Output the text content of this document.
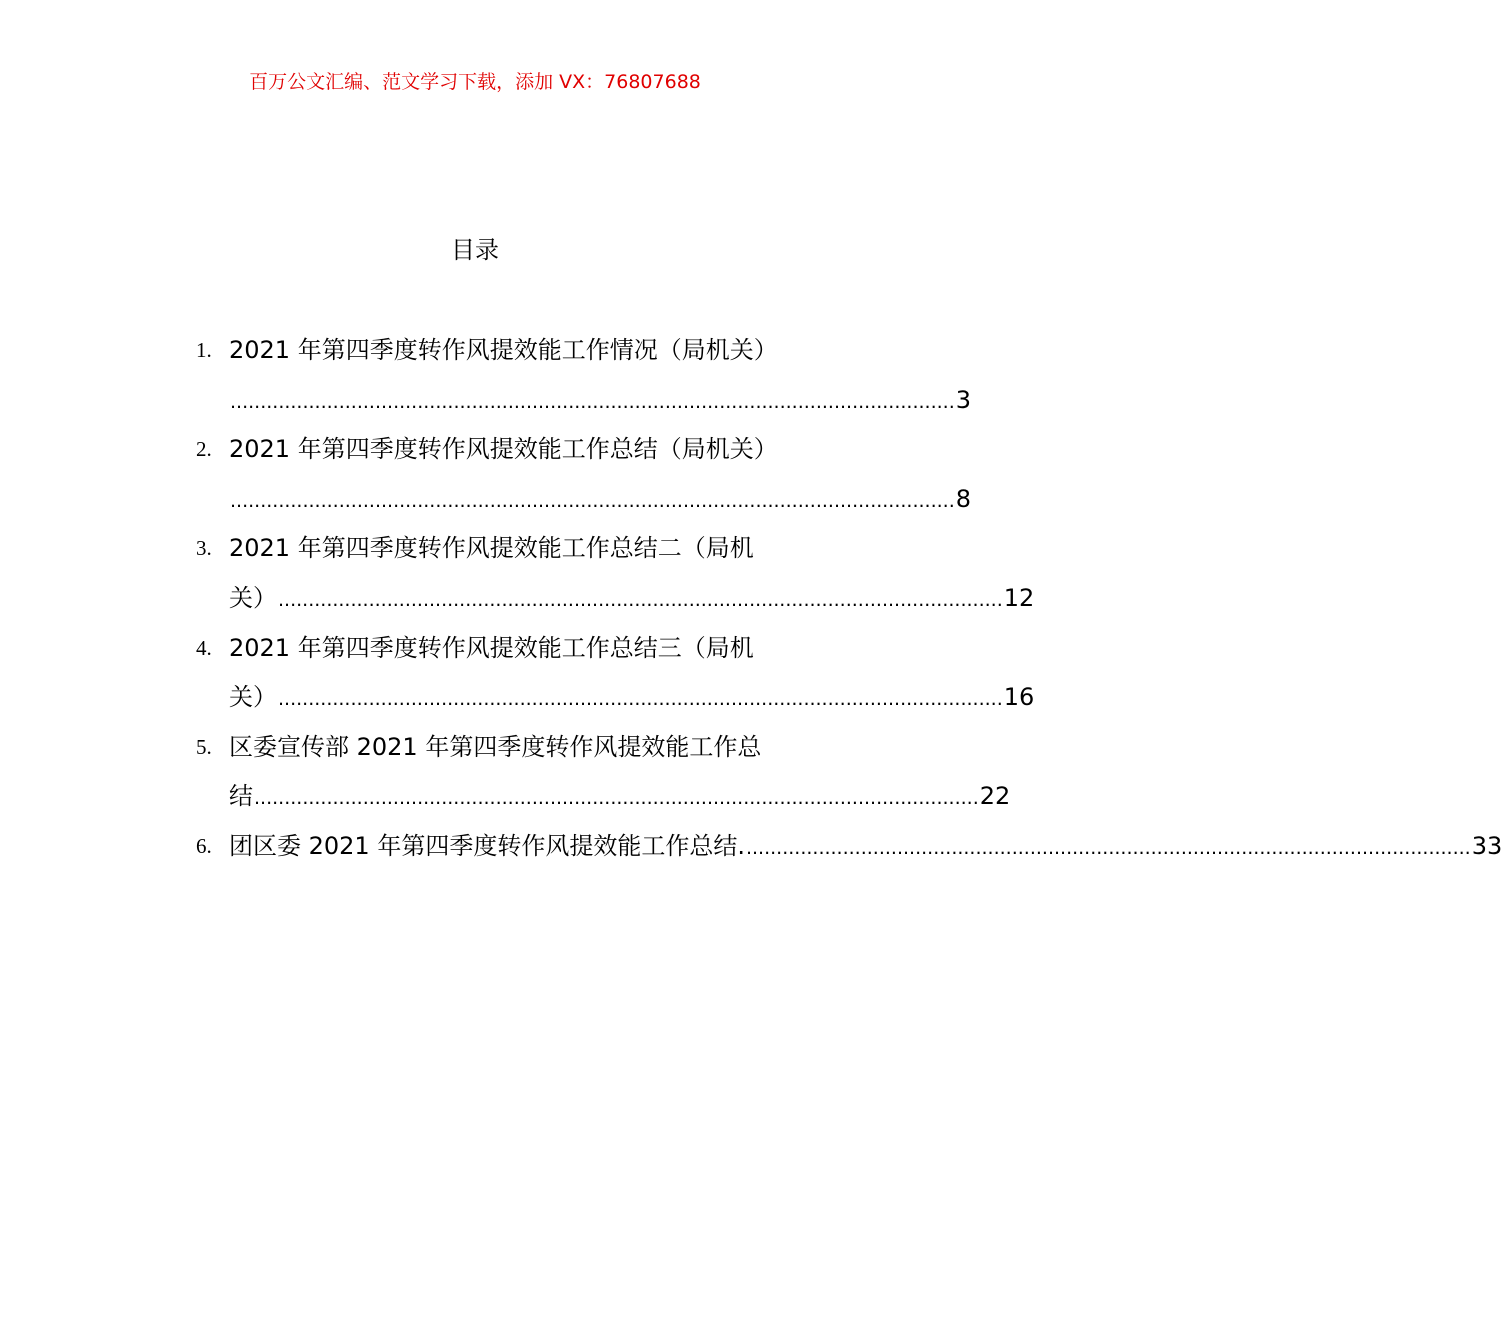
百万公文汇编、范文学习下载，添加 VX：76807688
目录
1. 2021 年第四季度转作风提效能工作情况（局机关）
........................................................................................................................ 3
2. 2021 年第四季度转作风提效能工作总结（局机关）
........................................................................................................................ 8
3. 2021 年第四季度转作风提效能工作总结二（局机
关） ........................................................................................................................ 12
4. 2021 年第四季度转作风提效能工作总结三（局机
关） ........................................................................................................................ 16
5. 区委宣传部 2021 年第四季度转作风提效能工作总
结 ........................................................................................................................ 22
6. 团区委 2021 年第四季度转作风提效能工作总结. ........................................................................................................................ 33
